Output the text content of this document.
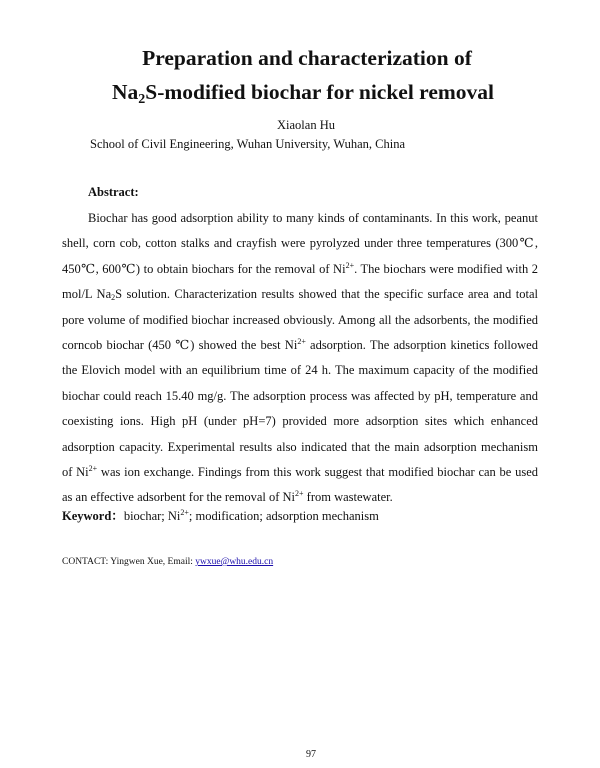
Preparation and characterization of
$Na_2S$-modified biochar for nickel removal
Xiaolan Hu
School of Civil Engineering, Wuhan University, Wuhan, China
Abstract:

Biochar has good adsorption ability to many kinds of contaminants. In this work, peanut shell, corn cob, cotton stalks and crayfish were pyrolyzed under three temperatures (300℃, 450℃, 600℃) to obtain biochars for the removal of $Ni^{2+}$. The biochars were modified with 2 mol/L $Na_2S$ solution. Characterization results showed that the specific surface area and total pore volume of modified biochar increased obviously. Among all the adsorbents, the modified corncob biochar (450 ℃) showed the best $Ni^{2+}$ adsorption. The adsorption kinetics followed the Elovich model with an equilibrium time of 24 h. The maximum capacity of the modified biochar could reach 15.40 mg/g. The adsorption process was affected by pH, temperature and coexisting ions. High pH (under pH=7) provided more adsorption sites which enhanced adsorption capacity. Experimental results also indicated that the main adsorption mechanism of $Ni^{2+}$ was ion exchange. Findings from this work suggest that modified biochar can be used as an effective adsorbent for the removal of $Ni^{2+}$ from wastewater.

Keyword：biochar; $Ni^{2+}$; modification; adsorption mechanism
CONTACT: Yingwen Xue, Email: ywxue@whu.edu.cn
97
